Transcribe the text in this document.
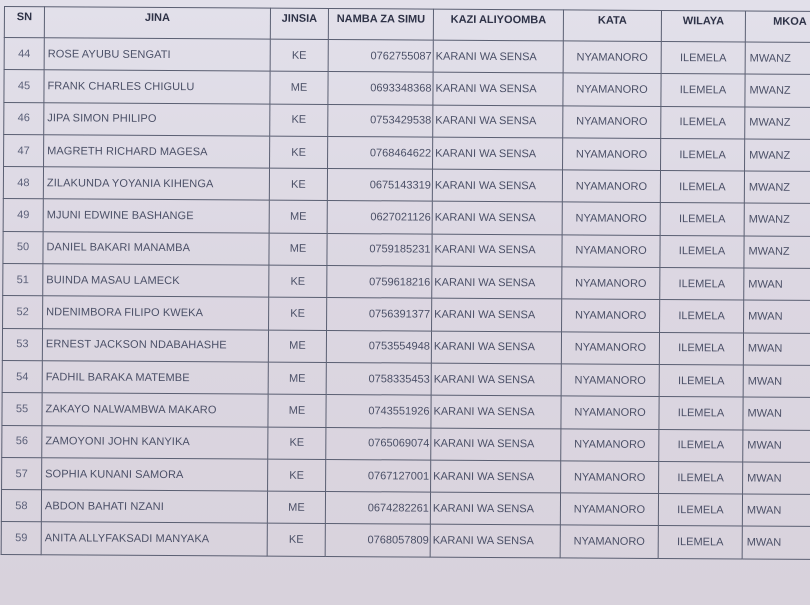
SN	JINA	JINSIA	NAMBA ZA SIMU	KAZI ALIYOOMBA	KATA	WILAYA	MKOA
44	ROSE AYUBU SENGATI	KE	0762755087	KARANI WA SENSA	NYAMANORO	ILEMELA	MWANZ
45	FRANK CHARLES CHIGULU	ME	0693348368	KARANI WA SENSA	NYAMANORO	ILEMELA	MWANZ
46	JIPA SIMON PHILIPO	KE	0753429538	KARANI WA SENSA	NYAMANORO	ILEMELA	MWANZ
47	MAGRETH RICHARD MAGESA	KE	0768464622	KARANI WA SENSA	NYAMANORO	ILEMELA	MWANZ
48	ZILAKUNDA YOYANIA KIHENGA	KE	0675143319	KARANI WA SENSA	NYAMANORO	ILEMELA	MWANZ
49	MJUNI EDWINE BASHANGE	ME	0627021126	KARANI WA SENSA	NYAMANORO	ILEMELA	MWANZ
50	DANIEL BAKARI MANAMBA	ME	0759185231	KARANI WA SENSA	NYAMANORO	ILEMELA	MWANZ
51	BUINDA MASAU LAMECK	KE	0759618216	KARANI WA SENSA	NYAMANORO	ILEMELA	MWAN
52	NDENIMBORA FILIPO KWEKA	KE	0756391377	KARANI WA SENSA	NYAMANORO	ILEMELA	MWAN
53	ERNEST JACKSON NDABAHASHE	ME	0753554948	KARANI WA SENSA	NYAMANORO	ILEMELA	MWAN
54	FADHIL BARAKA MATEMBE	ME	0758335453	KARANI WA SENSA	NYAMANORO	ILEMELA	MWAN
55	ZAKAYO NALWAMBWA MAKARO	ME	0743551926	KARANI WA SENSA	NYAMANORO	ILEMELA	MWAN
56	ZAMOYONI JOHN KANYIKA	KE	0765069074	KARANI WA SENSA	NYAMANORO	ILEMELA	MWAN
57	SOPHIA KUNANI SAMORA	KE	0767127001	KARANI WA SENSA	NYAMANORO	ILEMELA	MWAN
58	ABDON BAHATI NZANI	ME	0674282261	KARANI WA SENSA	NYAMANORO	ILEMELA	MWAN
59	ANITA ALLYFAKSADI MANYAKA	KE	0768057809	KARANI WA SENSA	NYAMANORO	ILEMELA	MWAN
